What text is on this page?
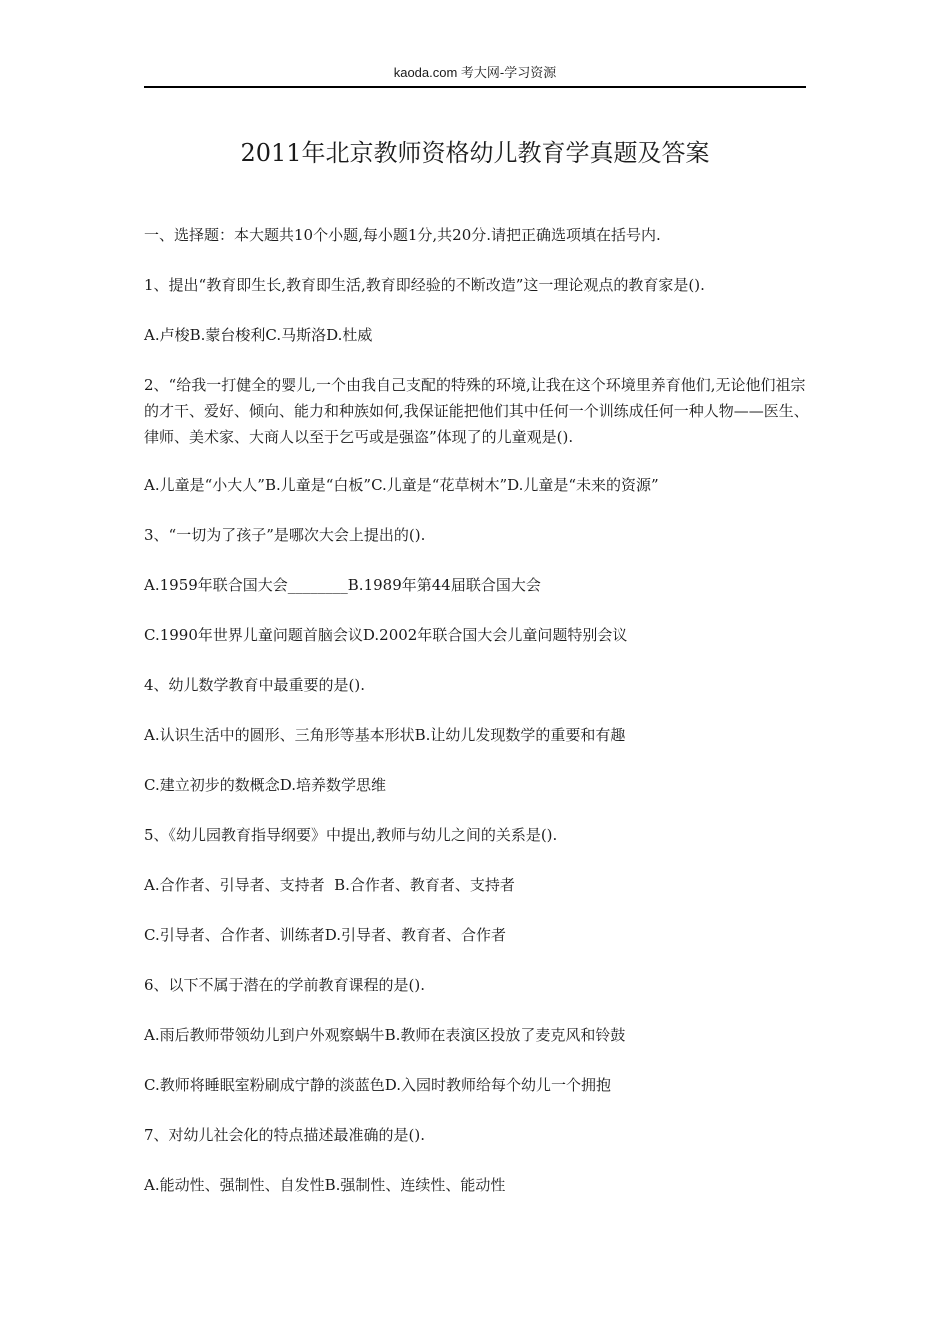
kaoda.com 考大网-学习资源
2011年北京教师资格幼儿教育学真题及答案

一、选择题：本大题共10个小题,每小题1分,共20分.请把正确选项填在括号内.

1、提出“教育即生长,教育即生活,教育即经验的不断改造”这一理论观点的教育家是().

A.卢梭B.蒙台梭利C.马斯洛D.杜威

2、“给我一打健全的婴儿,一个由我自己支配的特殊的环境,让我在这个环境里养育他们,无论他们祖宗的才干、爱好、倾向、能力和种族如何,我保证能把他们其中任何一个训练成任何一种人物——医生、律师、美术家、大商人以至于乞丐或是强盗”体现了的儿童观是().

A.儿童是“小大人”B.儿童是“白板”C.儿童是“花草树木”D.儿童是“未来的资源”

3、“一切为了孩子”是哪次大会上提出的().

A.1959年联合国大会________B.1989年第44届联合国大会

C.1990年世界儿童问题首脑会议D.2002年联合国大会儿童问题特别会议

4、幼儿数学教育中最重要的是().

A.认识生活中的圆形、三角形等基本形状B.让幼儿发现数学的重要和有趣

C.建立初步的数概念D.培养数学思维

5、《幼儿园教育指导纲要》中提出,教师与幼儿之间的关系是().

A.合作者、引导者、支持者  B.合作者、教育者、支持者

C.引导者、合作者、训练者D.引导者、教育者、合作者

6、以下不属于潜在的学前教育课程的是().

A.雨后教师带领幼儿到户外观察蜗牛B.教师在表演区投放了麦克风和铃鼓

C.教师将睡眠室粉刷成宁静的淡蓝色D.入园时教师给每个幼儿一个拥抱

7、对幼儿社会化的特点描述最准确的是().

A.能动性、强制性、自发性B.强制性、连续性、能动性
